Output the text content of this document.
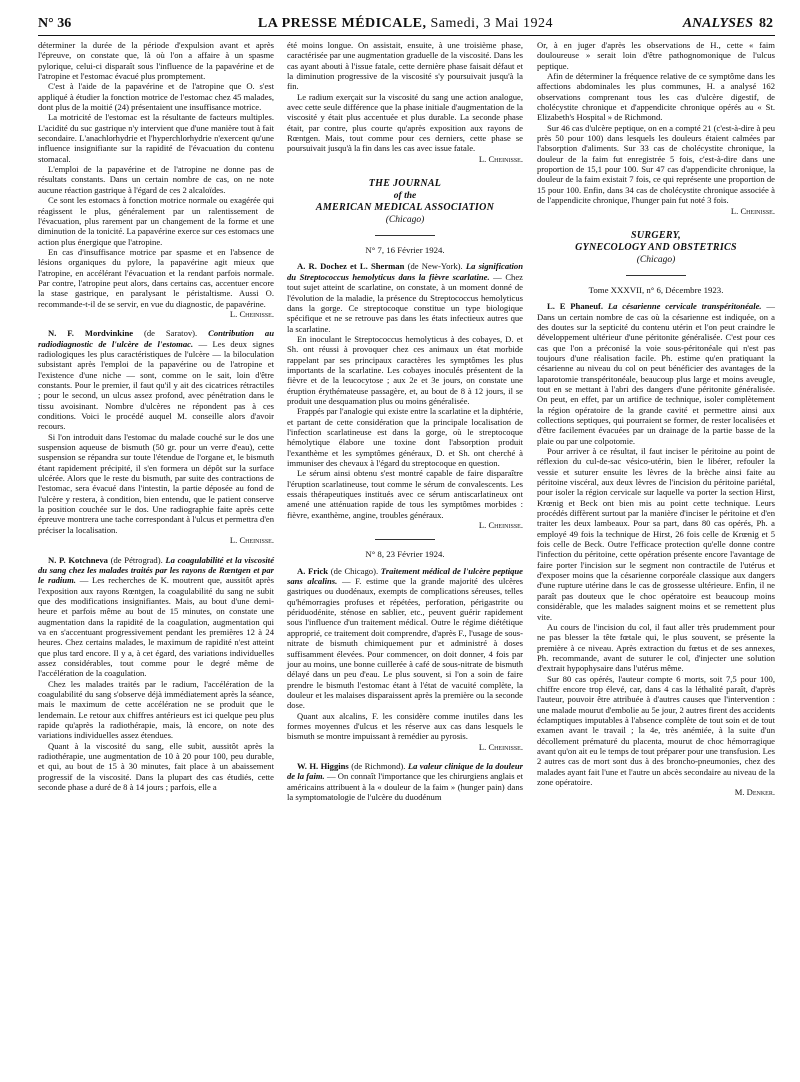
N° 36	LA PRESSE MÉDICALE, Samedi, 3 Mai 1924	ANALYSES 82

déterminer la durée de la période d'expulsion avant et après l'épreuve, on constate que, là où l'on a affaire à un spasme pylorique, celui-ci disparaît sous l'influence de la papavérine et de l'atropine et l'estomac évacué plus promptement.

C'est à l'aide de la papavérine et de l'atropine que O. s'est appliqué à étudier la fonction motrice de l'estomac chez 45 malades, dont plus de la moitié (24) présentaient une insuffisance motrice.

La motricité de l'estomac est la résultante de facteurs multiples. L'acidité du suc gastrique n'y intervient que d'une manière tout à fait secondaire. L'anachlorhydrie et l'hyperchlorhydrie n'exercent qu'une influence insignifiante sur la rapidité de l'évacuation du contenu stomacal.

L'emploi de la papavérine et de l'atropine ne donne pas de résultats constants. Dans un certain nombre de cas, on ne note aucune réaction gastrique à l'égard de ces 2 alcaloïdes.

Ce sont les estomacs à fonction motrice normale ou exagérée qui réagissent le plus, généralement par un ralentissement de l'évacuation, plus rarement par un changement de la forme et une diminution de la tonicité. La papavérine exerce sur ces estomacs une action plus énergique que l'atropine.

En cas d'insuffisance motrice par spasme et en l'absence de lésions organiques du pylore, la papavérine agit mieux que l'atropine, en accélérant l'évacuation et la rendant parfois normale. Par contre, l'atropine peut alors, dans certains cas, accentuer encore la stase gastrique, en paralysant le péristaltisme. Aussi O. recommande-t-il de se servir, en vue du diagnostic, de papavérine.

L. Cheinisse.

N. F. Mordvinkine (de Saratov). Contribution au radiodiagnostic de l'ulcère de l'estomac. — Les deux signes radiologiques les plus caractéristiques de l'ulcère — la biloculation subsistant après l'emploi de la papavérine ou de l'atropine et l'existence d'une niche — sont, comme on le sait, loin d'être constants. Pour le premier, il faut qu'il y ait des cicatrices rétractiles ; pour le second, un ulcus assez profond, avec pénétration dans le tissu avoisinant. Nombre d'ulcères ne répondent pas à ces conditions. Voici le procédé auquel M. conseille alors d'avoir recours.

Si l'on introduit dans l'estomac du malade couché sur le dos une suspension aqueuse de bismuth (50 gr. pour un verre d'eau), cette suspension se répandra sur toute l'étendue de l'organe et, le bismuth étant rapidement précipité, il s'en formera un dépôt sur la surface ulcérée. Alors que le reste du bismuth, par suite des contractions de l'estomac, sera évacué dans l'intestin, la partie déposée au fond de l'ulcère y restera, à condition, bien entendu, que le patient conserve la position couchée sur le dos. Une radiographie faite après cette épreuve montrera une tache correspondant à l'ulcus et permettra d'en préciser la localisation.

L. Cheinisse.

N. P. Kotchneva (de Pétrograd). La coagulabilité et la viscosité du sang chez les malades traités par les rayons de Rœntgen et par le radium. — Les recherches de K. moutrent que, aussitôt après l'exposition aux rayons Rœntgen, la coagulabilité du sang ne subit que des modifications insignifiantes. Mais, au bout d'une demi-heure et parfois même au bout de 15 minutes, on constate une augmentation dans la rapidité de la coagulation, augmentation qui va en s'accentuant progressivement pendant les premières 12 à 24 heures. Chez certains malades, le maximum de rapidité n'est atteint que plus tard encore. Il y a, à cet égard, des variations individuelles assez considérables, tout comme pour le degré même de l'accélération de la coagulation.

Chez les malades traités par le radium, l'accélération de la coagulabilité du sang s'observe déjà immédiatement après la séance, mais le maximum de cette accélération ne se produit que le lendemain. Le retour aux chiffres antérieurs est ici quelque peu plus rapide qu'après la radiothérapie, mais, là encore, on note des variations individuelles assez étendues.

Quant à la viscosité du sang, elle subit, aussitôt après la radiothérapie, une augmentation de 10 à 20 pour 100, peu durable, et qui, au bout de 15 à 30 minutes, fait place à un abaissement progressif de la viscosité. Dans la plupart des cas étudiés, cette seconde phase a duré de 8 à 14 jours ; parfois, elle a

été moins longue. On assistait, ensuite, à une troisième phase, caractérisée par une augmentation graduelle de la viscosité. Dans les cas ayant abouti à l'issue fatale, cette dernière phase faisait défaut et la diminution progressive de la viscosité s'y poursuivait jusqu'à la fin.

Le radium exerçait sur la viscosité du sang une action analogue, avec cette seule différence que la phase initiale d'augmentation de la viscosité y était plus accentuée et plus durable. La seconde phase était, par contre, plus courte qu'après exposition aux rayons de Rœntgen. Mais, tout comme pour ces derniers, cette phase se poursuivait jusqu'à la fin dans les cas avec issue fatale.

L. Cheinisse.

THE JOURNAL
of the
AMERICAN MEDICAL ASSOCIATION
(Chicago)
N° 7, 16 Février 1924.

A. R. Dochez et L. Sherman (de New-York). La signification du Streptococcus hemolyticus dans la fièvre scarlatine. — Chez tout sujet atteint de scarlatine, on constate, à un moment donné de l'évolution de la maladie, la présence du Streptococcus hemolyticus dans la gorge. Ce streptocoque constitue un type biologique spécifique et ne se retrouve pas dans les états infectieux autres que la scarlatine.

En inoculant le Streptococcus hemolyticus à des cobayes, D. et Sh. ont réussi à provoquer chez ces animaux un état morbide rappelant par ses principaux caractères les symptômes les plus importants de la scarlatine. Les cobayes inoculés présentent de la fièvre et de la leucocytose ; aux 2e et 3e jours, on constate une éruption érythémateuse passagère, et, au bout de 8 à 12 jours, il se produit une desquamation plus ou moins généralisée.

Frappés par l'analogie qui existe entre la scarlatine et la diphtérie, et partant de cette considération que la principale localisation de l'infection scarlatineuse est dans la gorge, où le streptocoque hémolytique élabore une toxine dont l'absorption produit l'exanthème et les symptômes généraux, D. et Sh. ont cherché à immuniser des chevaux à l'égard du streptocoque en question.

Le sérum ainsi obtenu s'est montré capable de faire disparaître l'éruption scarlatineuse, tout comme le sérum de convalescents. Les essais thérapeutiques institués avec ce sérum antiscarlatineux ont amené une atténuation rapide de tous les symptômes morbides : fièvre, exanthème, angine, troubles généraux.

L. Cheinisse.

N° 8, 23 Février 1924.

A. Frick (de Chicago). Traitement médical de l'ulcère peptique sans alcalins. — F. estime que la grande majorité des ulcères gastriques ou duodénaux, exempts de complications séreuses, telles qu'hémorragies profuses et répétées, perforation, périgastrite ou périduodénite, sténose en sablier, etc., peuvent guérir rapidement sous l'influence d'un traitement médical. Outre le régime diététique approprié, ce traitement doit comprendre, d'après F., l'usage de sous-nitrate de bismuth chimiquement pur et administré à doses suffisamment élevées. Pour commencer, on doit donner, 4 fois par jour au moins, une bonne cuillerée à café de sous-nitrate de bismuth délayé dans un peu d'eau. Le plus souvent, si l'on a soin de faire prendre le bismuth l'estomac étant à l'état de vacuité complète, la douleur et les malaises disparaissent après la première ou la seconde dose.

Quant aux alcalins, F. les considère comme inutiles dans les formes moyennes d'ulcus et les réserve aux cas dans lesquels le bismuth se montre impuissant à remédier au pyrosis.

L. Cheinisse.

W. H. Higgins (de Richmond). La valeur clinique de la douleur de la faim. — On connaît l'importance que les chirurgiens anglais et américains attribuent à la « douleur de la faim » (hunger pain) dans la symptomatologie de l'ulcère du duodénum

Or, à en juger d'après les observations de H., cette « faim douloureuse » serait loin d'être pathognomonique de l'ulcus peptique.

Afin de déterminer la fréquence relative de ce symptôme dans les affections abdominales les plus communes, H. a analysé 162 observations comprenant tous les cas d'ulcère digestif, de cholécystite chronique et d'appendicite chronique opérés au « St. Elizabeth's Hospital » de Richmond.

Sur 46 cas d'ulcère peptique, on en a compté 21 (c'est-à-dire à peu près 50 pour 100) dans lesquels les douleurs étaient calmées par l'absorption d'aliments. Sur 33 cas de cholécystite chronique, la douleur de la faim fut enregistrée 5 fois, c'est-à-dire dans une proportion de 15,1 pour 100. Sur 47 cas d'appendicite chronique, la douleur de la faim existait 7 fois, ce qui représente une proportion de 15 pour 100. Enfin, dans 34 cas de cholécystite chronique associée à de l'appendicite chronique, l'hunger pain fut noté 3 fois.

L. Cheinisse.

SURGERY,
GYNECOLOGY AND OBSTETRICS
(Chicago)
Tome XXXVII, n° 6, Décembre 1923.

L. E Phaneuf. La césarienne cervicale transpéritonéale. — Dans un certain nombre de cas où la césarienne est indiquée, on a des doutes sur la septicité du contenu utérin et l'on peut craindre le développement ultérieur d'une péritonite généralisée. C'est pour ces cas que l'on a préconisé la voie sous-péritonéale qui n'est pas toujours d'une réalisation facile. Ph. estime qu'en pratiquant la césarienne au niveau du col on peut bénéficier des avantages de la laparotomie transpéritonéale, beaucoup plus large et moins aveugle, tout en se mettant à l'abri des dangers d'une péritonite généralisée. On peut, en effet, par un artifice de technique, isoler complètement la région opératoire de la grande cavité et permettre ainsi aux collections septiques, qui pourraient se former, de rester localisées et d'être facilement évacuées par un drainage de la partie basse de la plaie ou par une colpotomie.

Pour arriver à ce résultat, il faut inciser le péritoine au point de réflexion du cul-de-sac vésico-utérin, bien le libérer, refouler la vessie et suturer ensuite les lèvres de la brèche ainsi faite au péritoine viscéral, aux deux lèvres de l'incision du péritoine pariétal, pour isoler la région cervicale sur laquelle va porter la section Hirst, Krœnig et Beck ont bien mis au point cette technique. Leurs procédés diffèrent surtout par la manière d'inciser le péritoine et d'en traiter les deux lambeaux. Pour sa part, dans 80 cas opérés, Ph. a employé 49 fois la technique de Hirst, 26 fois celle de Krœnig et 5 fois celle de Beck. Outre l'efficace protection qu'elle donne contre l'infection du péritoine, cette opération présente encore l'avantage de faire porter l'incision sur le segment non contractile de l'utérus et d'exposer moins que la césarienne corporéale classique aux dangers d'une rupture utérine dans le cas de grossesse ultérieure. Enfin, il ne paraît pas douteux que le choc opératoire est beaucoup moins considérable, que les malades saignent moins et se remettent plus vite.

Au cours de l'incision du col, il faut aller très prudemment pour ne pas blesser la tête fœtale qui, le plus souvent, se présente la première à ce niveau. Après extraction du fœtus et de ses annexes, Ph. recommande, avant de suturer le col, d'injecter une solution d'extrait hypophysaire dans l'utérus même.

Sur 80 cas opérés, l'auteur compte 6 morts, soit 7,5 pour 100, chiffre encore trop élevé, car, dans 4 cas la léthalité paraît, d'après l'auteur, pouvoir être attribuée à d'autres causes que l'intervention : une malade mourut d'embolie au 5e jour, 2 autres firent des accidents éclamptiques imputables à l'absence complète de tout soin et de tout examen avant le travail ; la 4e, très anémiée, à la suite d'un décollement prématuré du placenta, mourut de choc hémorragique avant qu'on ait eu le temps de tout préparer pour une transfusion. Les 2 autres cas de mort sont dus à des broncho-pneumonies, chez des malades ayant fait l'une et l'autre un abcès secondaire au niveau de la zone opératoire.

M. Denker.
